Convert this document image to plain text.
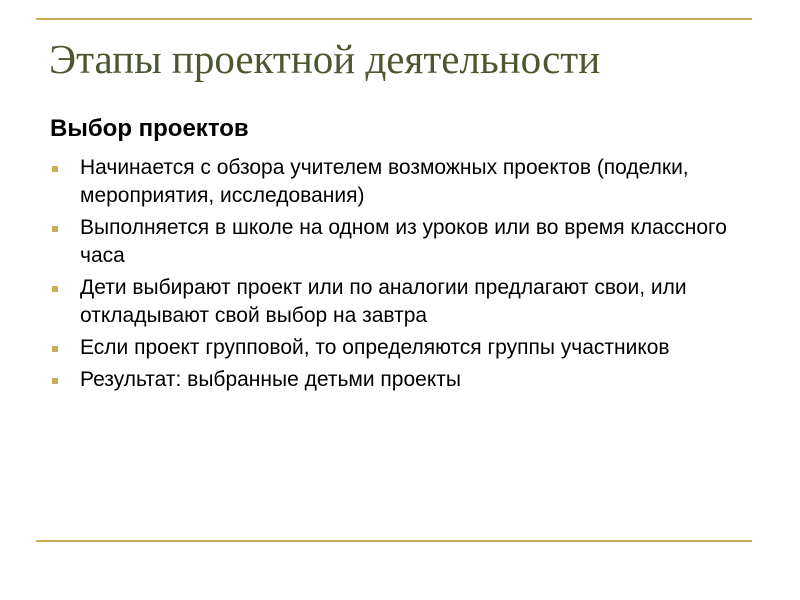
Этапы проектной деятельности
Выбор проектов
Начинается с обзора учителем возможных проектов (поделки, мероприятия, исследования)
Выполняется в школе на одном из уроков или во время классного часа
Дети выбирают проект или по аналогии предлагают свои, или откладывают свой выбор на завтра
Если проект групповой, то определяются группы участников
Результат: выбранные детьми проекты
